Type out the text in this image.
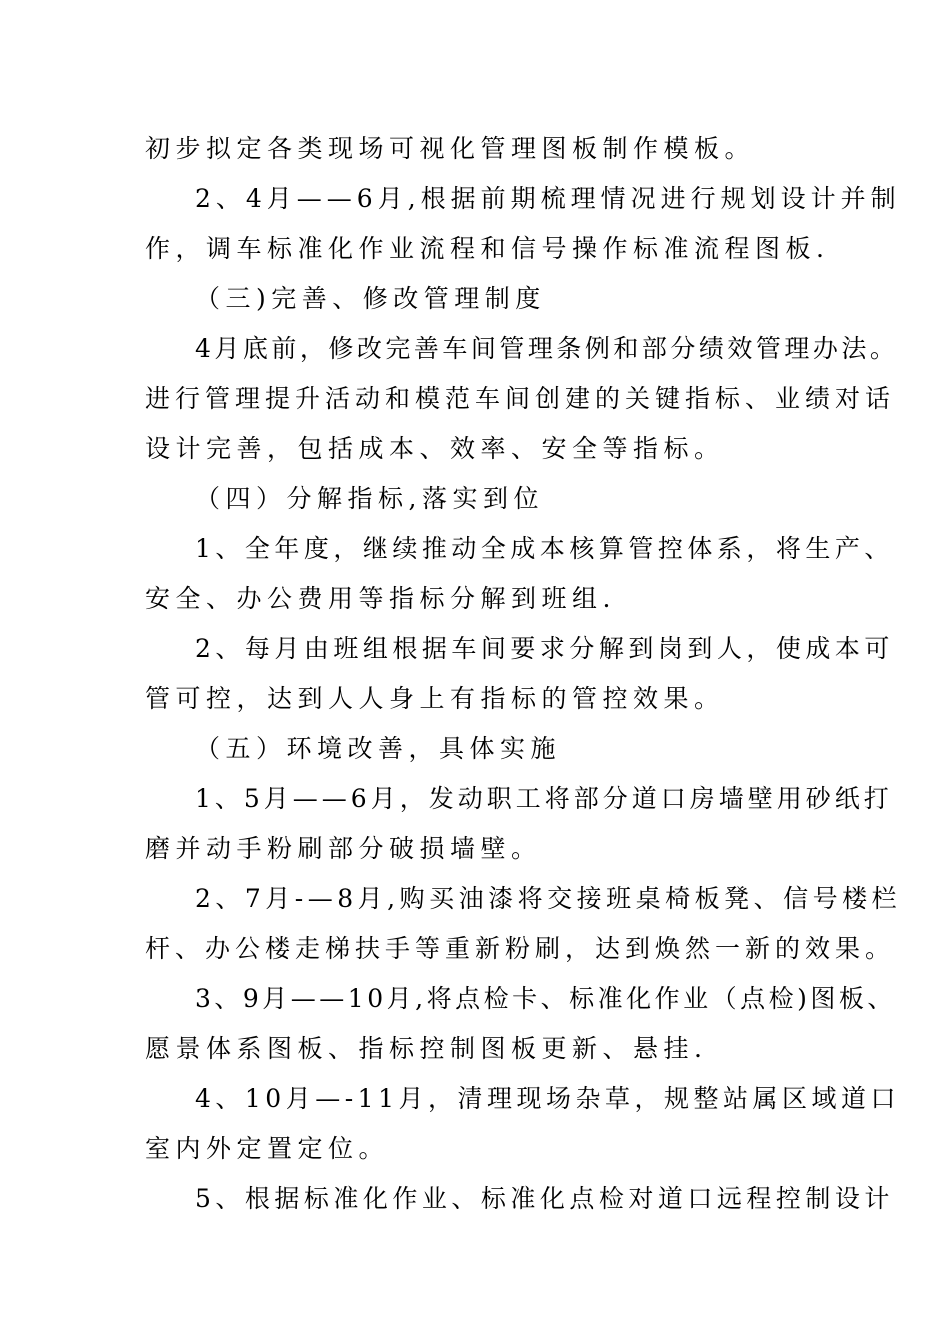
初步拟定各类现场可视化管理图板制作模板。
2、4月——6月,根据前期梳理情况进行规划设计并制
作，调车标准化作业流程和信号操作标准流程图板.
（三)完善、修改管理制度
4月底前，修改完善车间管理条例和部分绩效管理办法。
进行管理提升活动和模范车间创建的关键指标、业绩对话
设计完善，包括成本、效率、安全等指标。
（四）分解指标,落实到位
1、全年度，继续推动全成本核算管控体系，将生产、
安全、办公费用等指标分解到班组.
2、每月由班组根据车间要求分解到岗到人，使成本可
管可控，达到人人身上有指标的管控效果。
（五）环境改善，具体实施
1、5月——6月，发动职工将部分道口房墙壁用砂纸打
磨并动手粉刷部分破损墙壁。
2、7月-—8月,购买油漆将交接班桌椅板凳、信号楼栏
杆、办公楼走梯扶手等重新粉刷，达到焕然一新的效果。
3、9月——10月,将点检卡、标准化作业（点检)图板、
愿景体系图板、指标控制图板更新、悬挂.
4、10月—-11月，清理现场杂草，规整站属区域道口
室内外定置定位。
5、根据标准化作业、标准化点检对道口远程控制设计
